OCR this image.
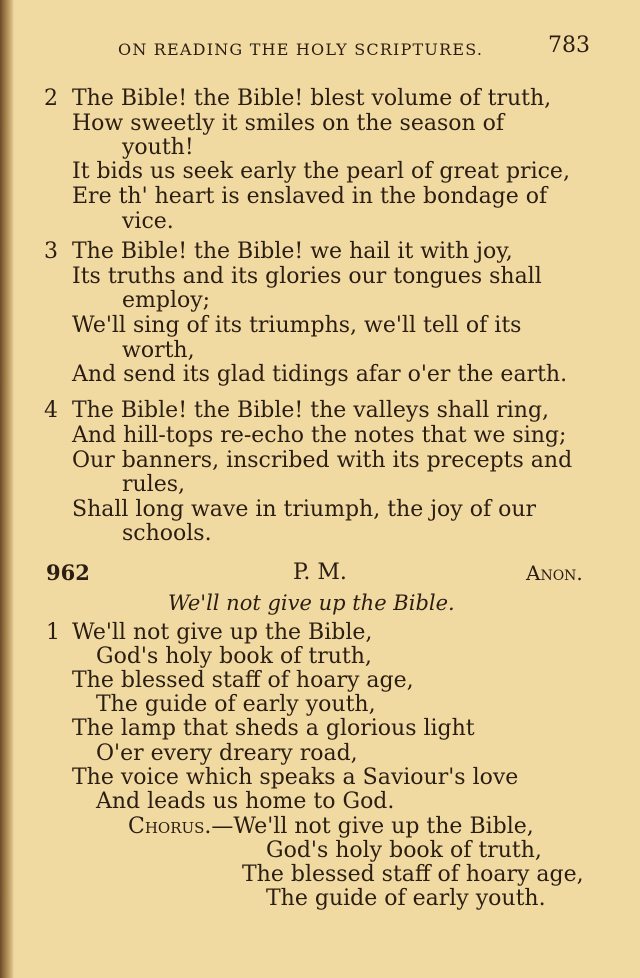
ON READING THE HOLY SCRIPTURES.	783
2 The Bible! the Bible! blest volume of truth,
How sweetly it smiles on the season of
youth!
It bids us seek early the pearl of great price,
Ere th' heart is enslaved in the bondage of
vice.
3 The Bible! the Bible! we hail it with joy,
Its truths and its glories our tongues shall
employ;
We'll sing of its triumphs, we'll tell of its
worth,
And send its glad tidings afar o'er the earth.
4 The Bible! the Bible! the valleys shall ring,
And hill-tops re-echo the notes that we sing;
Our banners, inscribed with its precepts and
rules,
Shall long wave in triumph, the joy of our
schools.
962	P. M.	Anon.
We'll not give up the Bible.
1 We'll not give up the Bible,
God's holy book of truth,
The blessed staff of hoary age,
The guide of early youth,
The lamp that sheds a glorious light
O'er every dreary road,
The voice which speaks a Saviour's love
And leads us home to God.
Chorus.—We'll not give up the Bible,
God's holy book of truth,
The blessed staff of hoary age,
The guide of early youth.
